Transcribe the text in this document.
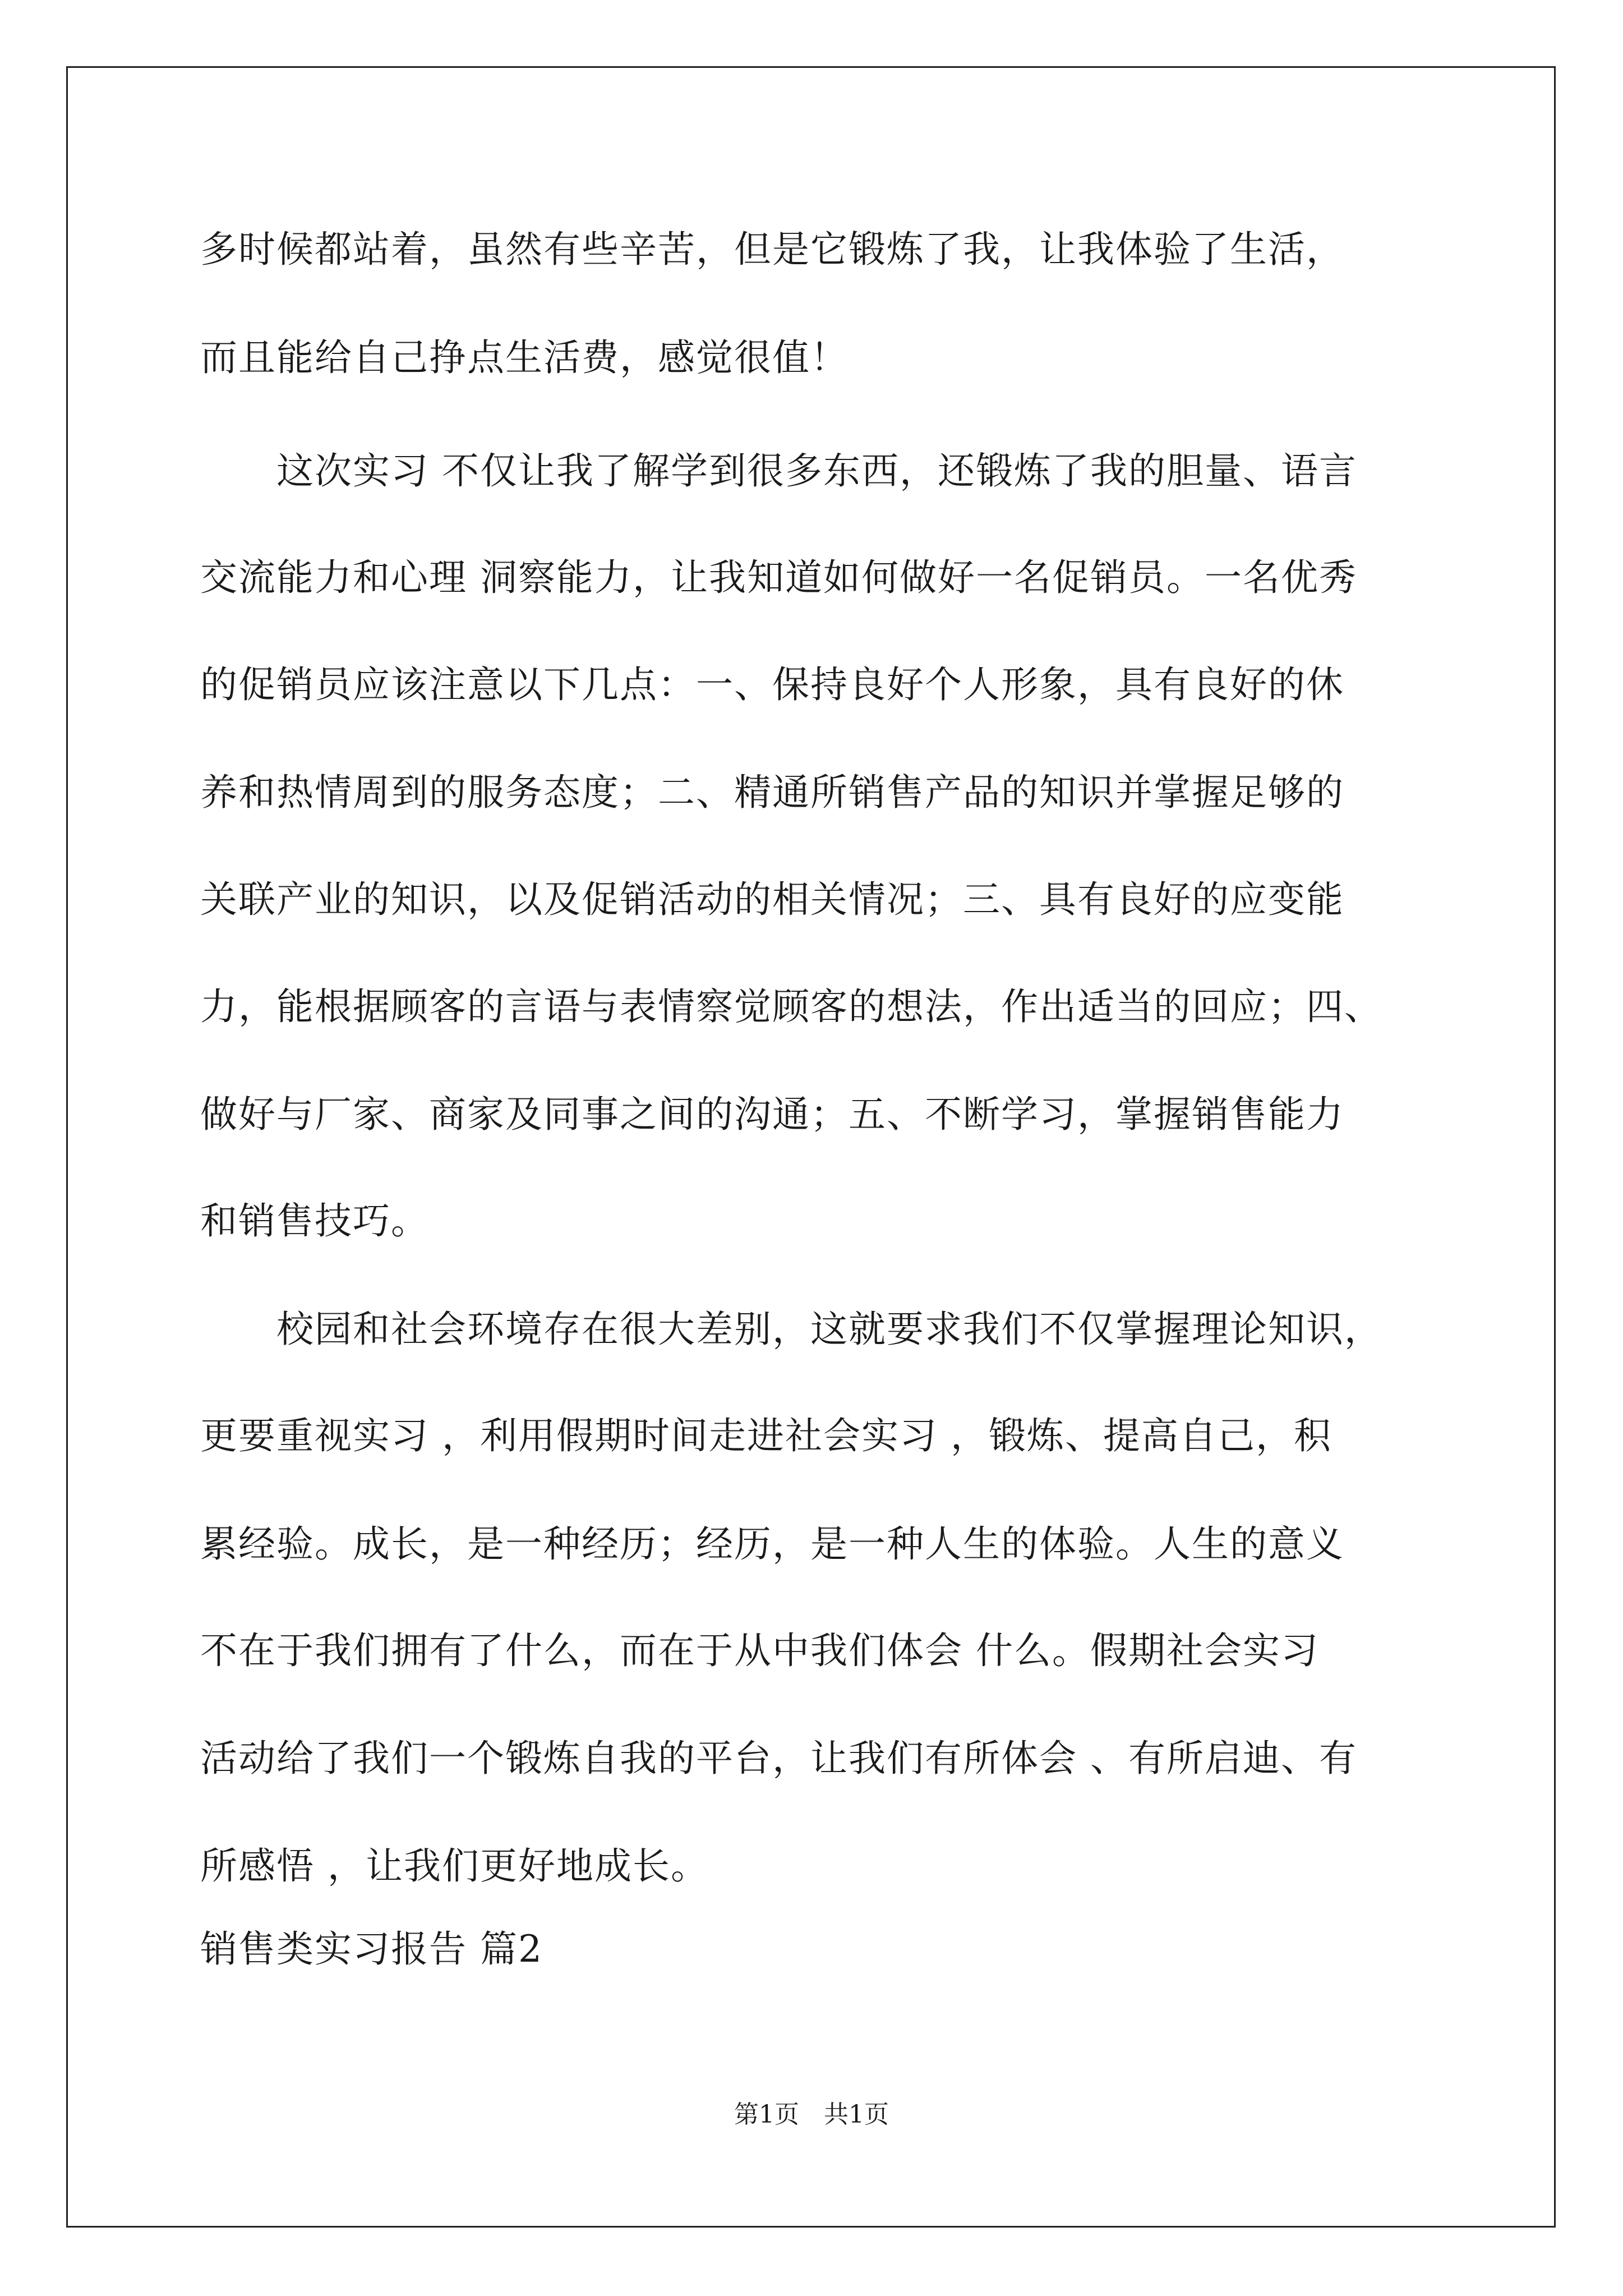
多时候都站着，虽然有些辛苦，但是它锻炼了我，让我体验了生活，
而且能给自己挣点生活费，感觉很值！
　　这次实习 不仅让我了解学到很多东西，还锻炼了我的胆量、语言
交流能力和心理 洞察能力，让我知道如何做好一名促销员。一名优秀
的促销员应该注意以下几点：一、保持良好个人形象，具有良好的休
养和热情周到的服务态度；二、精通所销售产品的知识并掌握足够的
关联产业的知识，以及促销活动的相关情况；三、具有良好的应变能
力，能根据顾客的言语与表情察觉顾客的想法，作出适当的回应；四、
做好与厂家、商家及同事之间的沟通；五、不断学习，掌握销售能力
和销售技巧。
　　校园和社会环境存在很大差别，这就要求我们不仅掌握理论知识，
更要重视实习 ，利用假期时间走进社会实习 ，锻炼、提高自己，积
累经验。成长，是一种经历；经历，是一种人生的体验。人生的意义
不在于我们拥有了什么，而在于从中我们体会 什么。假期社会实习
活动给了我们一个锻炼自我的平台，让我们有所体会 、有所启迪、有
所感悟 ，让我们更好地成长。
销售类实习报告 篇2
第1页　共1页
